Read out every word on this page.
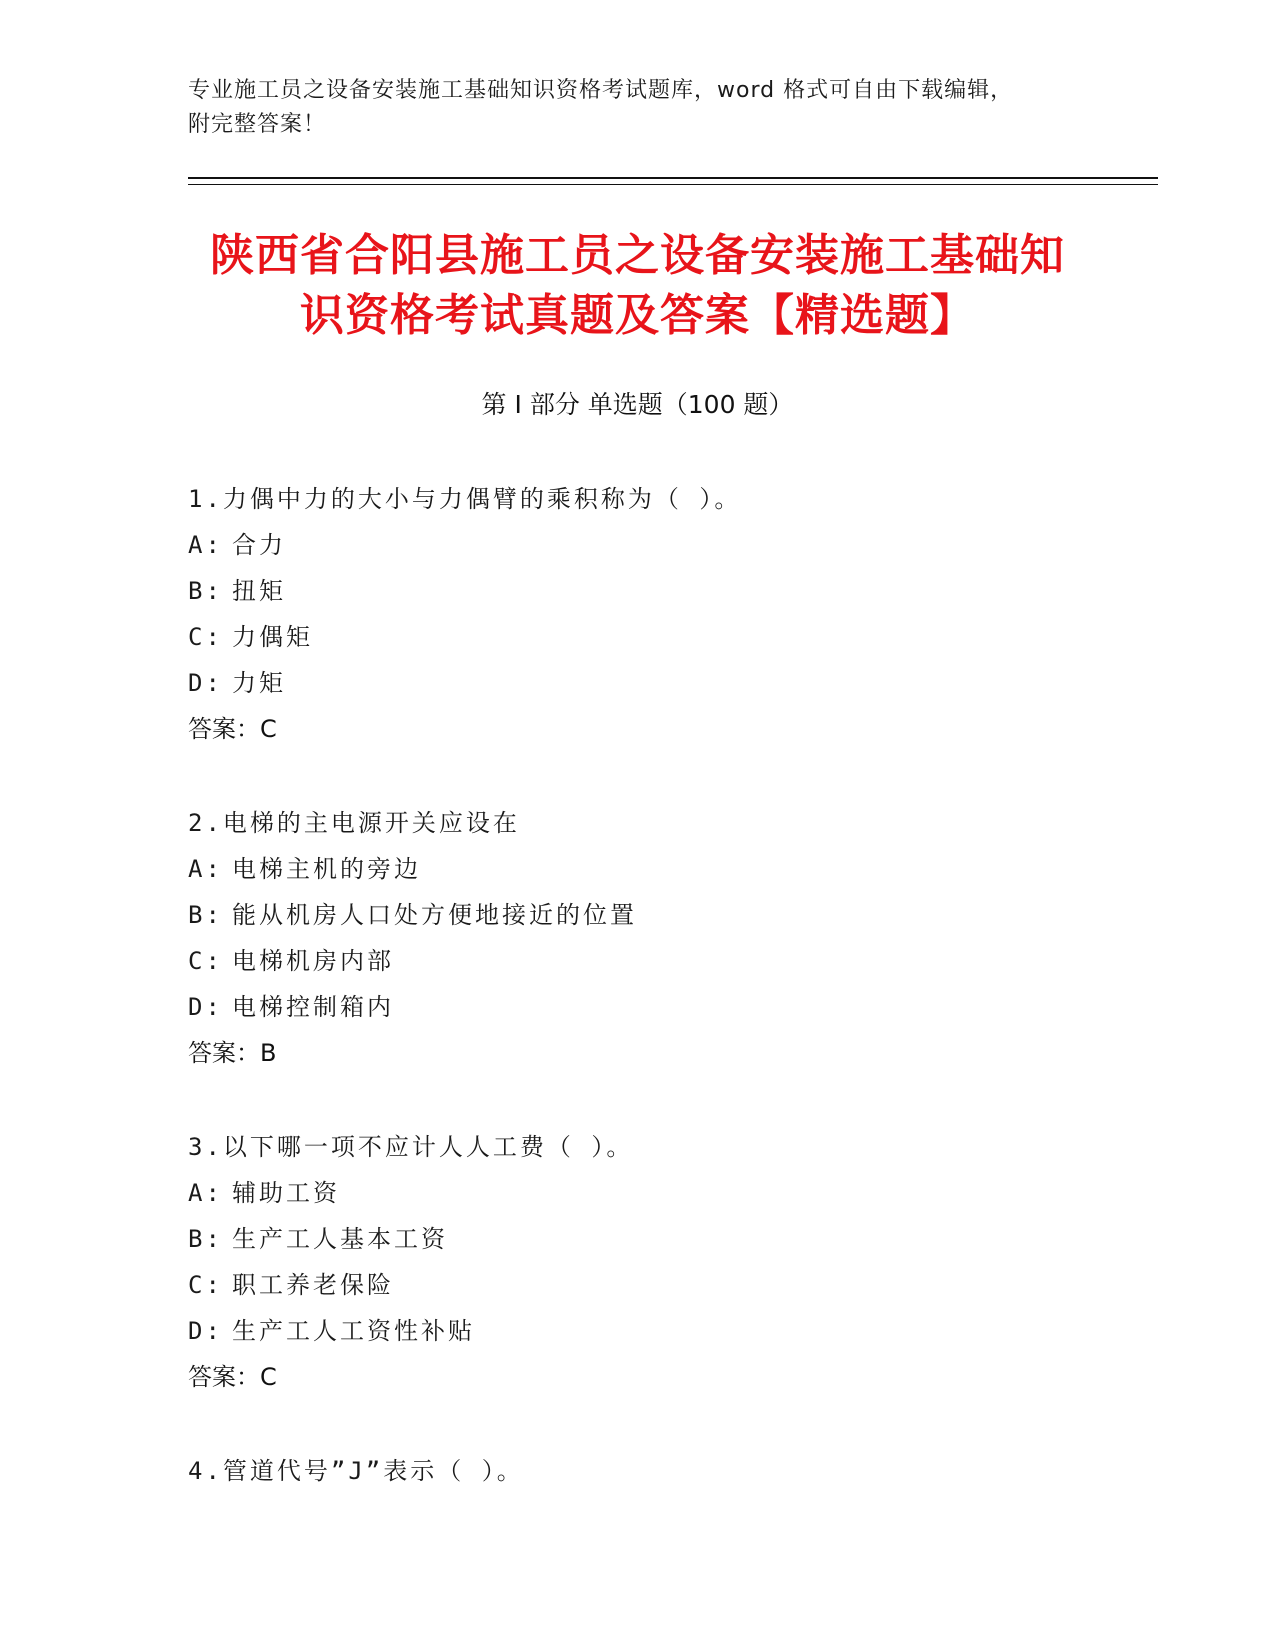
专业施工员之设备安装施工基础知识资格考试题库，word 格式可自由下载编辑，
附完整答案！
陕西省合阳县施工员之设备安装施工基础知
识资格考试真题及答案【精选题】
第 I 部分 单选题（100 题）
1.力偶中力的大小与力偶臂的乘积称为（ ）。
A: 合力
B: 扭矩
C: 力偶矩
D: 力矩
答案：C
2.电梯的主电源开关应设在
A: 电梯主机的旁边
B: 能从机房人口处方便地接近的位置
C: 电梯机房内部
D: 电梯控制箱内
答案：B
3.以下哪一项不应计人人工费（ ）。
A: 辅助工资
B: 生产工人基本工资
C: 职工养老保险
D: 生产工人工资性补贴
答案：C
4.管道代号”J”表示（ ）。
